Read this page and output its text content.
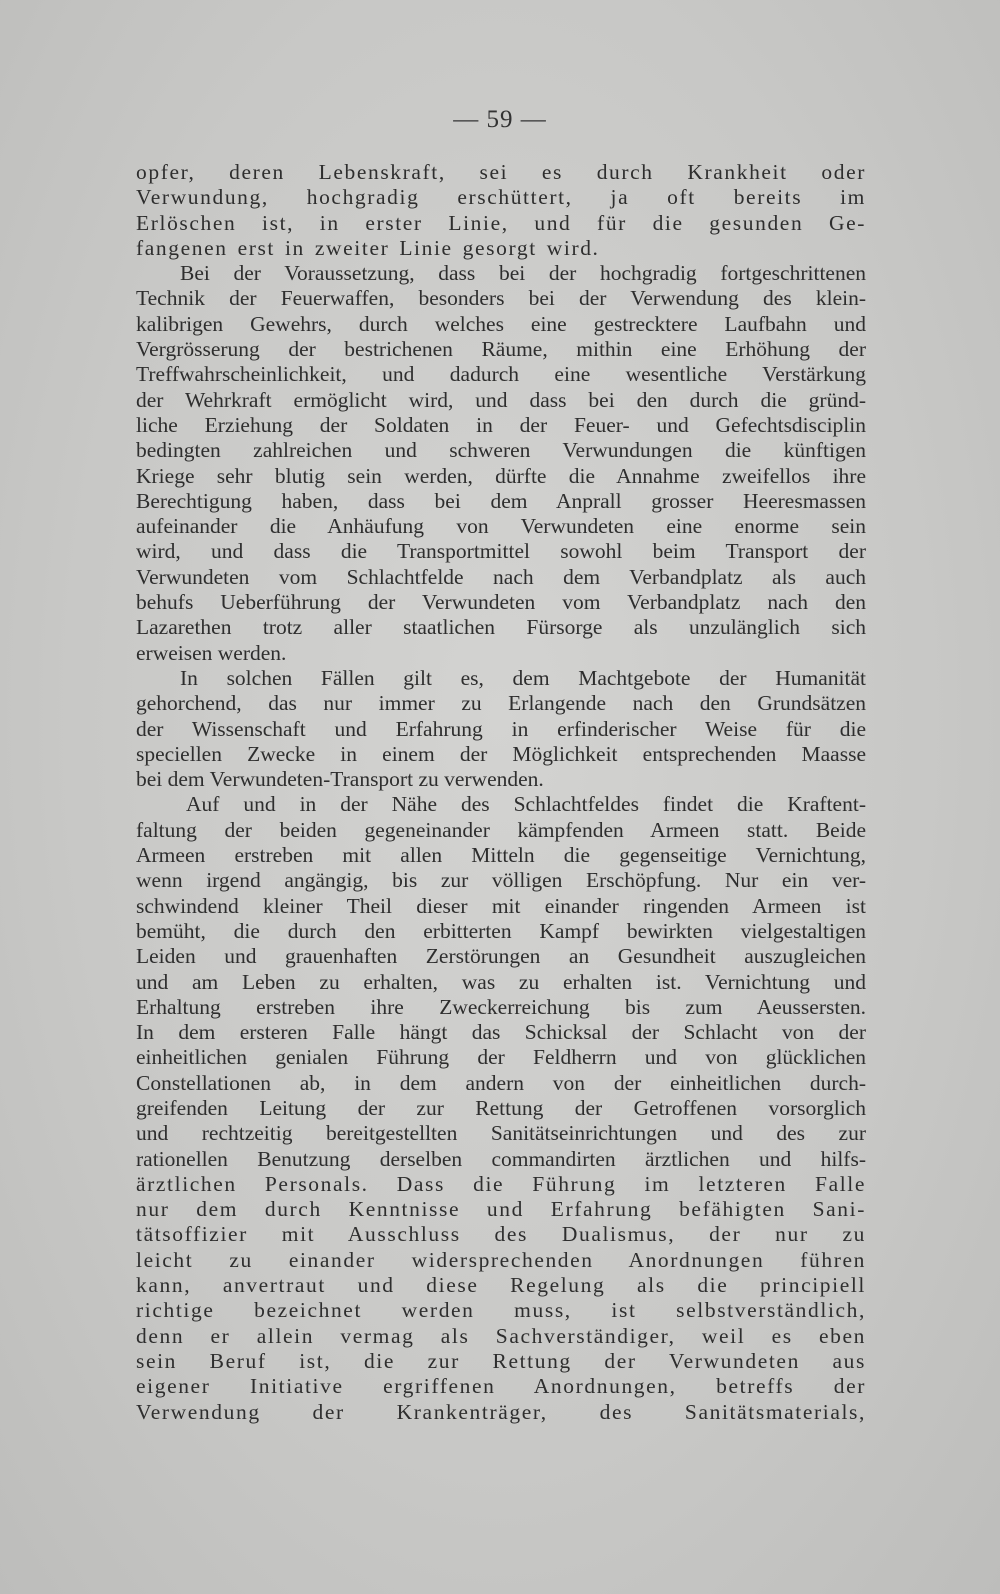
— 59 —
opfer, deren Lebenskraft, sei es durch Krankheit oder
Verwundung, hochgradig erschüttert, ja oft bereits im
Erlöschen ist, in erster Linie, und für die gesunden Ge-
fangenen erst in zweiter Linie gesorgt wird.
Bei der Voraussetzung, dass bei der hochgradig fortgeschrittenen
Technik der Feuerwaffen, besonders bei der Verwendung des klein-
kalibrigen Gewehrs, durch welches eine gestrecktere Laufbahn und
Vergrösserung der bestrichenen Räume, mithin eine Erhöhung der
Treffwahrscheinlichkeit, und dadurch eine wesentliche Verstärkung
der Wehrkraft ermöglicht wird, und dass bei den durch die gründ-
liche Erziehung der Soldaten in der Feuer- und Gefechtsdisciplin
bedingten zahlreichen und schweren Verwundungen die künftigen
Kriege sehr blutig sein werden, dürfte die Annahme zweifellos ihre
Berechtigung haben, dass bei dem Anprall grosser Heeresmassen
aufeinander die Anhäufung von Verwundeten eine enorme sein
wird, und dass die Transportmittel sowohl beim Transport der
Verwundeten vom Schlachtfelde nach dem Verbandplatz als auch
behufs Ueberführung der Verwundeten vom Verbandplatz nach den
Lazarethen trotz aller staatlichen Fürsorge als unzulänglich sich
erweisen werden.
In solchen Fällen gilt es, dem Machtgebote der Humanität
gehorchend, das nur immer zu Erlangende nach den Grundsätzen
der Wissenschaft und Erfahrung in erfinderischer Weise für die
speciellen Zwecke in einem der Möglichkeit entsprechenden Maasse
bei dem Verwundeten-Transport zu verwenden.
Auf und in der Nähe des Schlachtfeldes findet die Kraftent-
faltung der beiden gegeneinander kämpfenden Armeen statt. Beide
Armeen erstreben mit allen Mitteln die gegenseitige Vernichtung,
wenn irgend angängig, bis zur völligen Erschöpfung. Nur ein ver-
schwindend kleiner Theil dieser mit einander ringenden Armeen ist
bemüht, die durch den erbitterten Kampf bewirkten vielgestaltigen
Leiden und grauenhaften Zerstörungen an Gesundheit auszugleichen
und am Leben zu erhalten, was zu erhalten ist. Vernichtung und
Erhaltung erstreben ihre Zweckerreichung bis zum Aeussersten.
In dem ersteren Falle hängt das Schicksal der Schlacht von der
einheitlichen genialen Führung der Feldherrn und von glücklichen
Constellationen ab, in dem andern von der einheitlichen durch-
greifenden Leitung der zur Rettung der Getroffenen vorsorglich
und rechtzeitig bereitgestellten Sanitätseinrichtungen und des zur
rationellen Benutzung derselben commandirten ärztlichen und hilfs-
ärztlichen Personals. Dass die Führung im letzteren Falle
nur dem durch Kenntnisse und Erfahrung befähigten Sani-
tätsoffizier mit Ausschluss des Dualismus, der nur zu
leicht zu einander widersprechenden Anordnungen führen
kann, anvertraut und diese Regelung als die principiell
richtige bezeichnet werden muss, ist selbstverständlich,
denn er allein vermag als Sachverständiger, weil es eben
sein Beruf ist, die zur Rettung der Verwundeten aus
eigener Initiative ergriffenen Anordnungen, betreffs der
Verwendung der Krankenträger, des Sanitätsmaterials,
